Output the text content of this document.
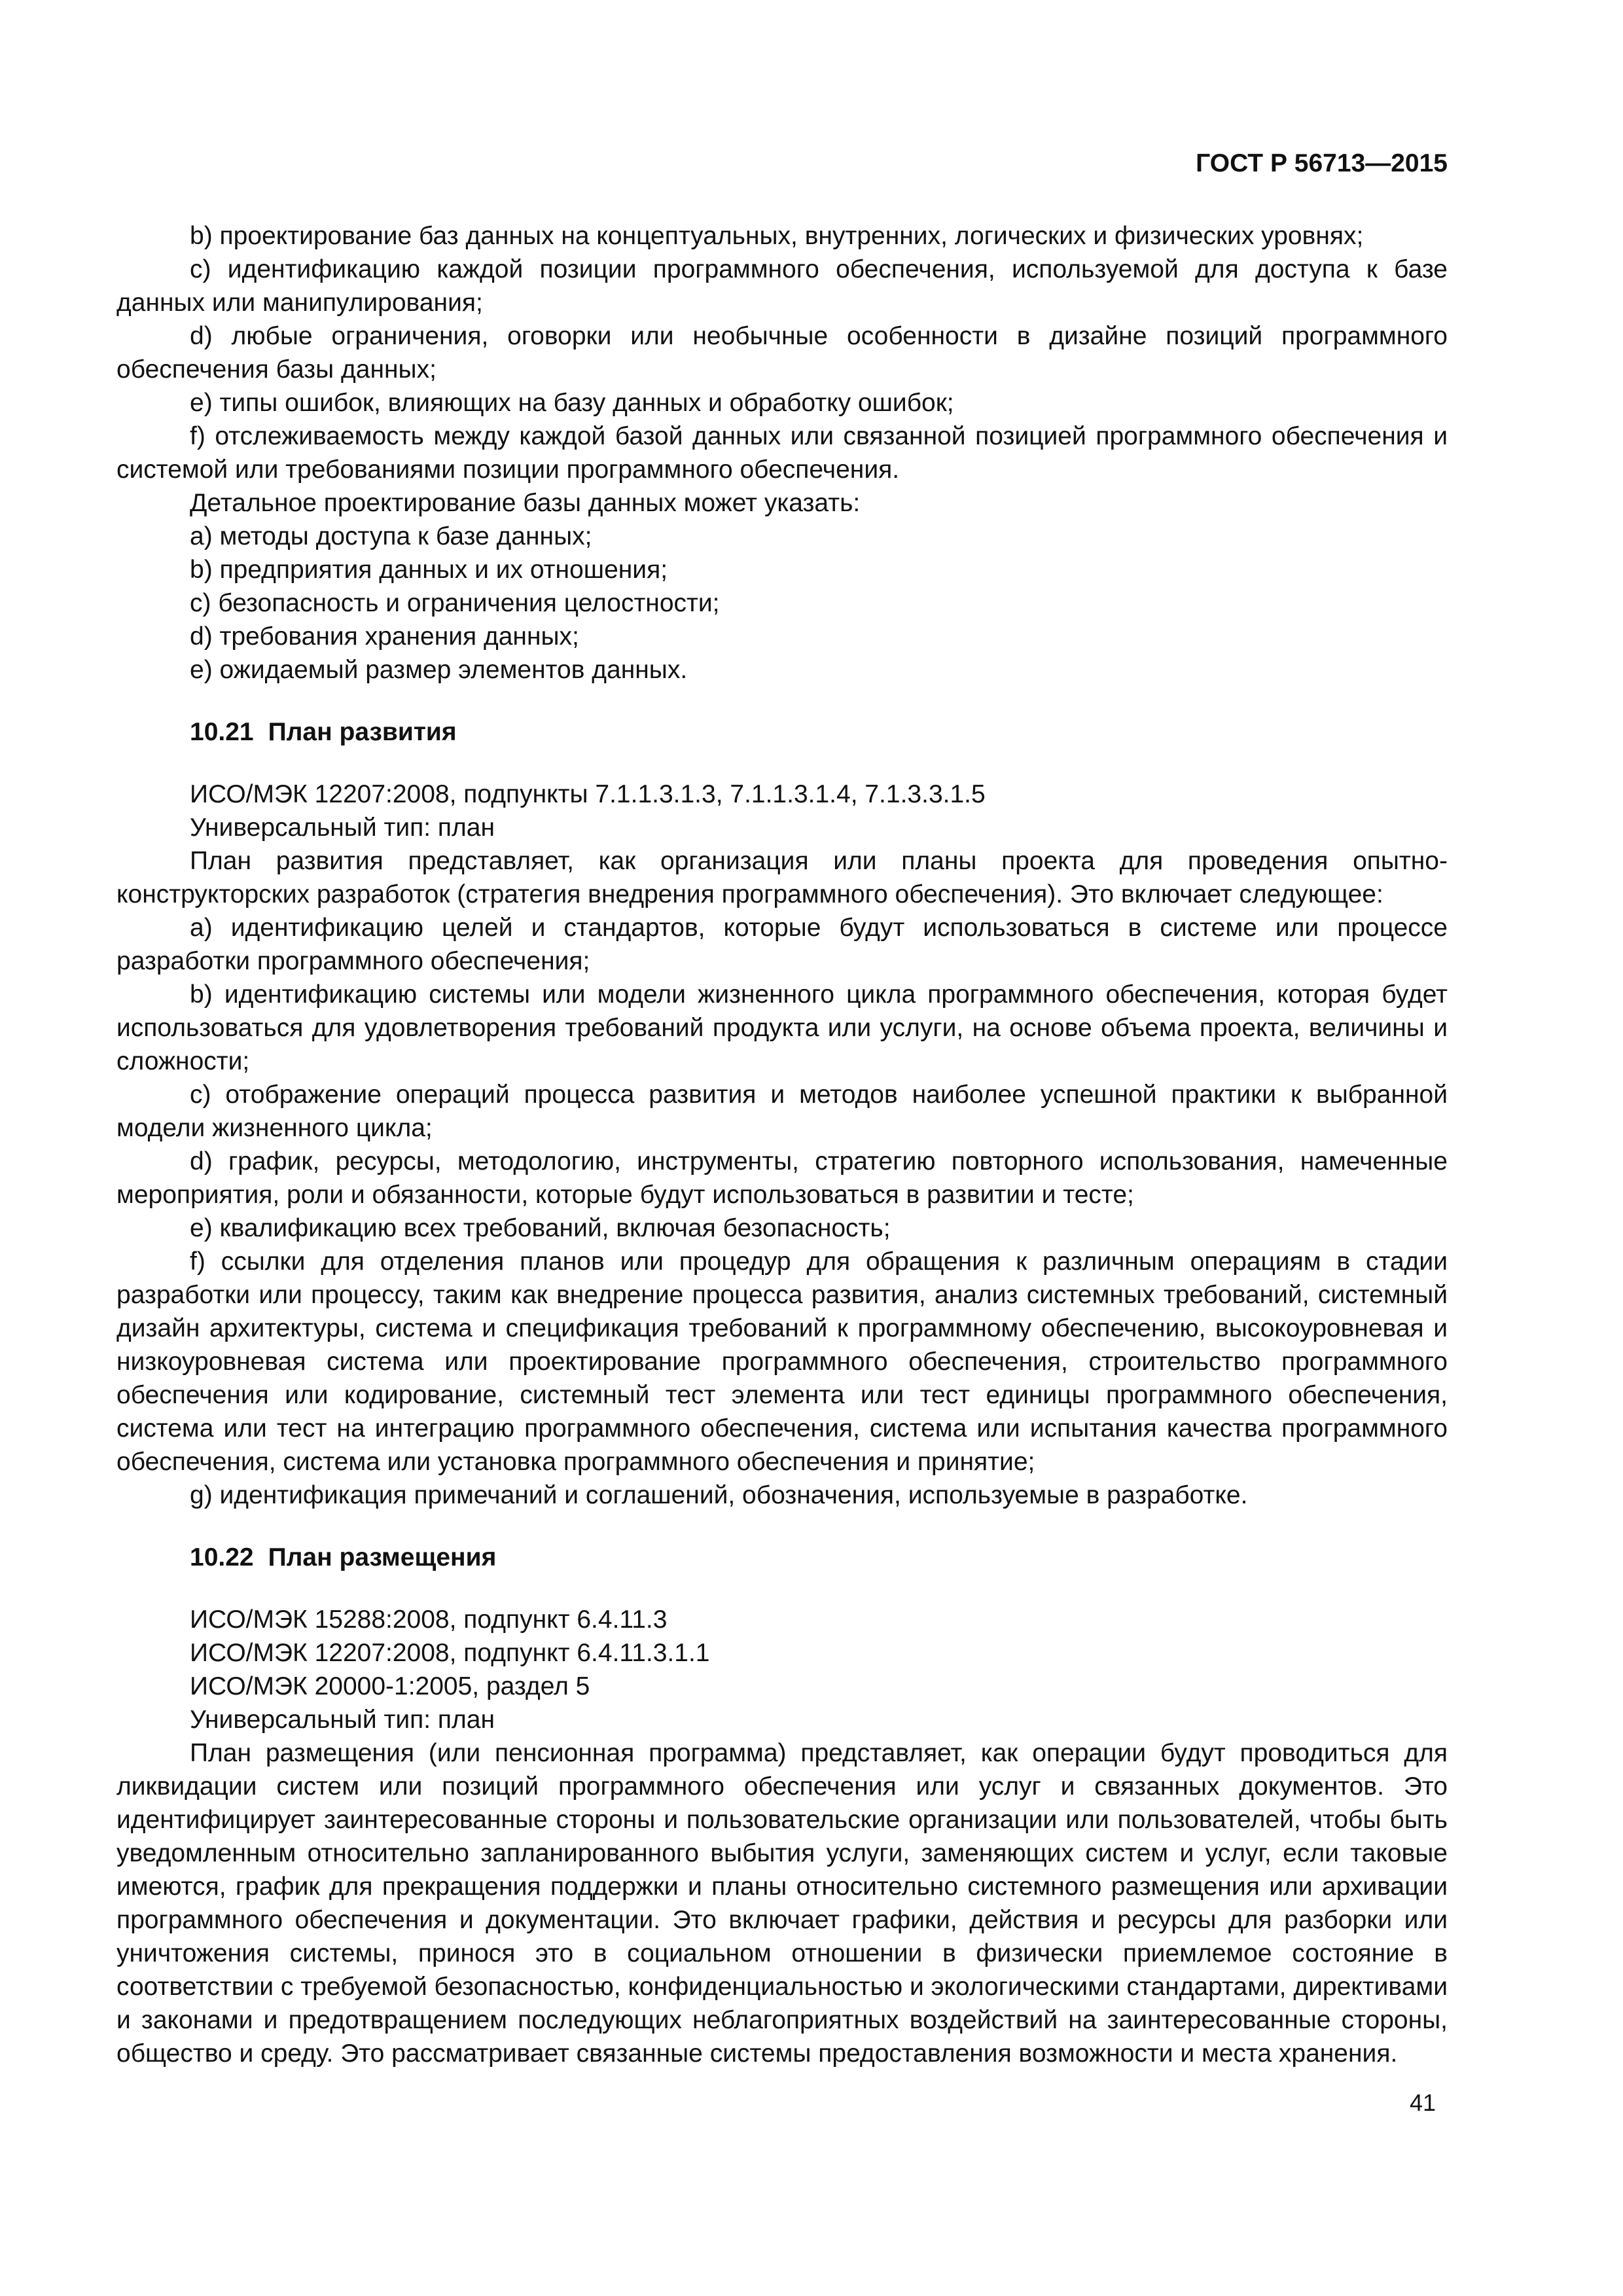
ГОСТ Р 56713—2015

b) проектирование баз данных на концептуальных, внутренних, логических и физических уровнях;

c) идентификацию каждой позиции программного обеспечения, используемой для доступа к базе данных или манипулирования;

d) любые ограничения, оговорки или необычные особенности в дизайне позиций программного обеспечения базы данных;

e) типы ошибок, влияющих на базу данных и обработку ошибок;

f) отслеживаемость между каждой базой данных или связанной позицией программного обеспечения и системой или требованиями позиции программного обеспечения.

Детальное проектирование базы данных может указать:

a) методы доступа к базе данных;

b) предприятия данных и их отношения;

c) безопасность и ограничения целостности;

d) требования хранения данных;

e) ожидаемый размер элементов данных.

10.21 План развития

ИСО/МЭК 12207:2008, подпункты 7.1.1.3.1.3, 7.1.1.3.1.4, 7.1.3.3.1.5

Универсальный тип: план

План развития представляет, как организация или планы проекта для проведения опытно-конструкторских разработок (стратегия внедрения программного обеспечения). Это включает следующее:

a) идентификацию целей и стандартов, которые будут использоваться в системе или процессе разработки программного обеспечения;

b) идентификацию системы или модели жизненного цикла программного обеспечения, которая будет использоваться для удовлетворения требований продукта или услуги, на основе объема проекта, величины и сложности;

c) отображение операций процесса развития и методов наиболее успешной практики к выбранной модели жизненного цикла;

d) график, ресурсы, методологию, инструменты, стратегию повторного использования, намеченные мероприятия, роли и обязанности, которые будут использоваться в развитии и тесте;

e) квалификацию всех требований, включая безопасность;

f) ссылки для отделения планов или процедур для обращения к различным операциям в стадии разработки или процессу, таким как внедрение процесса развития, анализ системных требований, системный дизайн архитектуры, система и спецификация требований к программному обеспечению, высокоуровневая и низкоуровневая система или проектирование программного обеспечения, строительство программного обеспечения или кодирование, системный тест элемента или тест единицы программного обеспечения, система или тест на интеграцию программного обеспечения, система или испытания качества программного обеспечения, система или установка программного обеспечения и принятие;

g) идентификация примечаний и соглашений, обозначения, используемые в разработке.

10.22 План размещения

ИСО/МЭК 15288:2008, подпункт 6.4.11.3

ИСО/МЭК 12207:2008, подпункт 6.4.11.3.1.1

ИСО/МЭК 20000-1:2005, раздел 5

Универсальный тип: план

План размещения (или пенсионная программа) представляет, как операции будут проводиться для ликвидации систем или позиций программного обеспечения или услуг и связанных документов. Это идентифицирует заинтересованные стороны и пользовательские организации или пользователей, чтобы быть уведомленным относительно запланированного выбытия услуги, заменяющих систем и услуг, если таковые имеются, график для прекращения поддержки и планы относительно системного размещения или архивации программного обеспечения и документации. Это включает графики, действия и ресурсы для разборки или уничтожения системы, принося это в социальном отношении в физически приемлемое состояние в соответствии с требуемой безопасностью, конфиденциальностью и экологическими стандартами, директивами и законами и предотвращением последующих неблагоприятных воздействий на заинтересованные стороны, общество и среду. Это рассматривает связанные системы предоставления возможности и места хранения.

41
